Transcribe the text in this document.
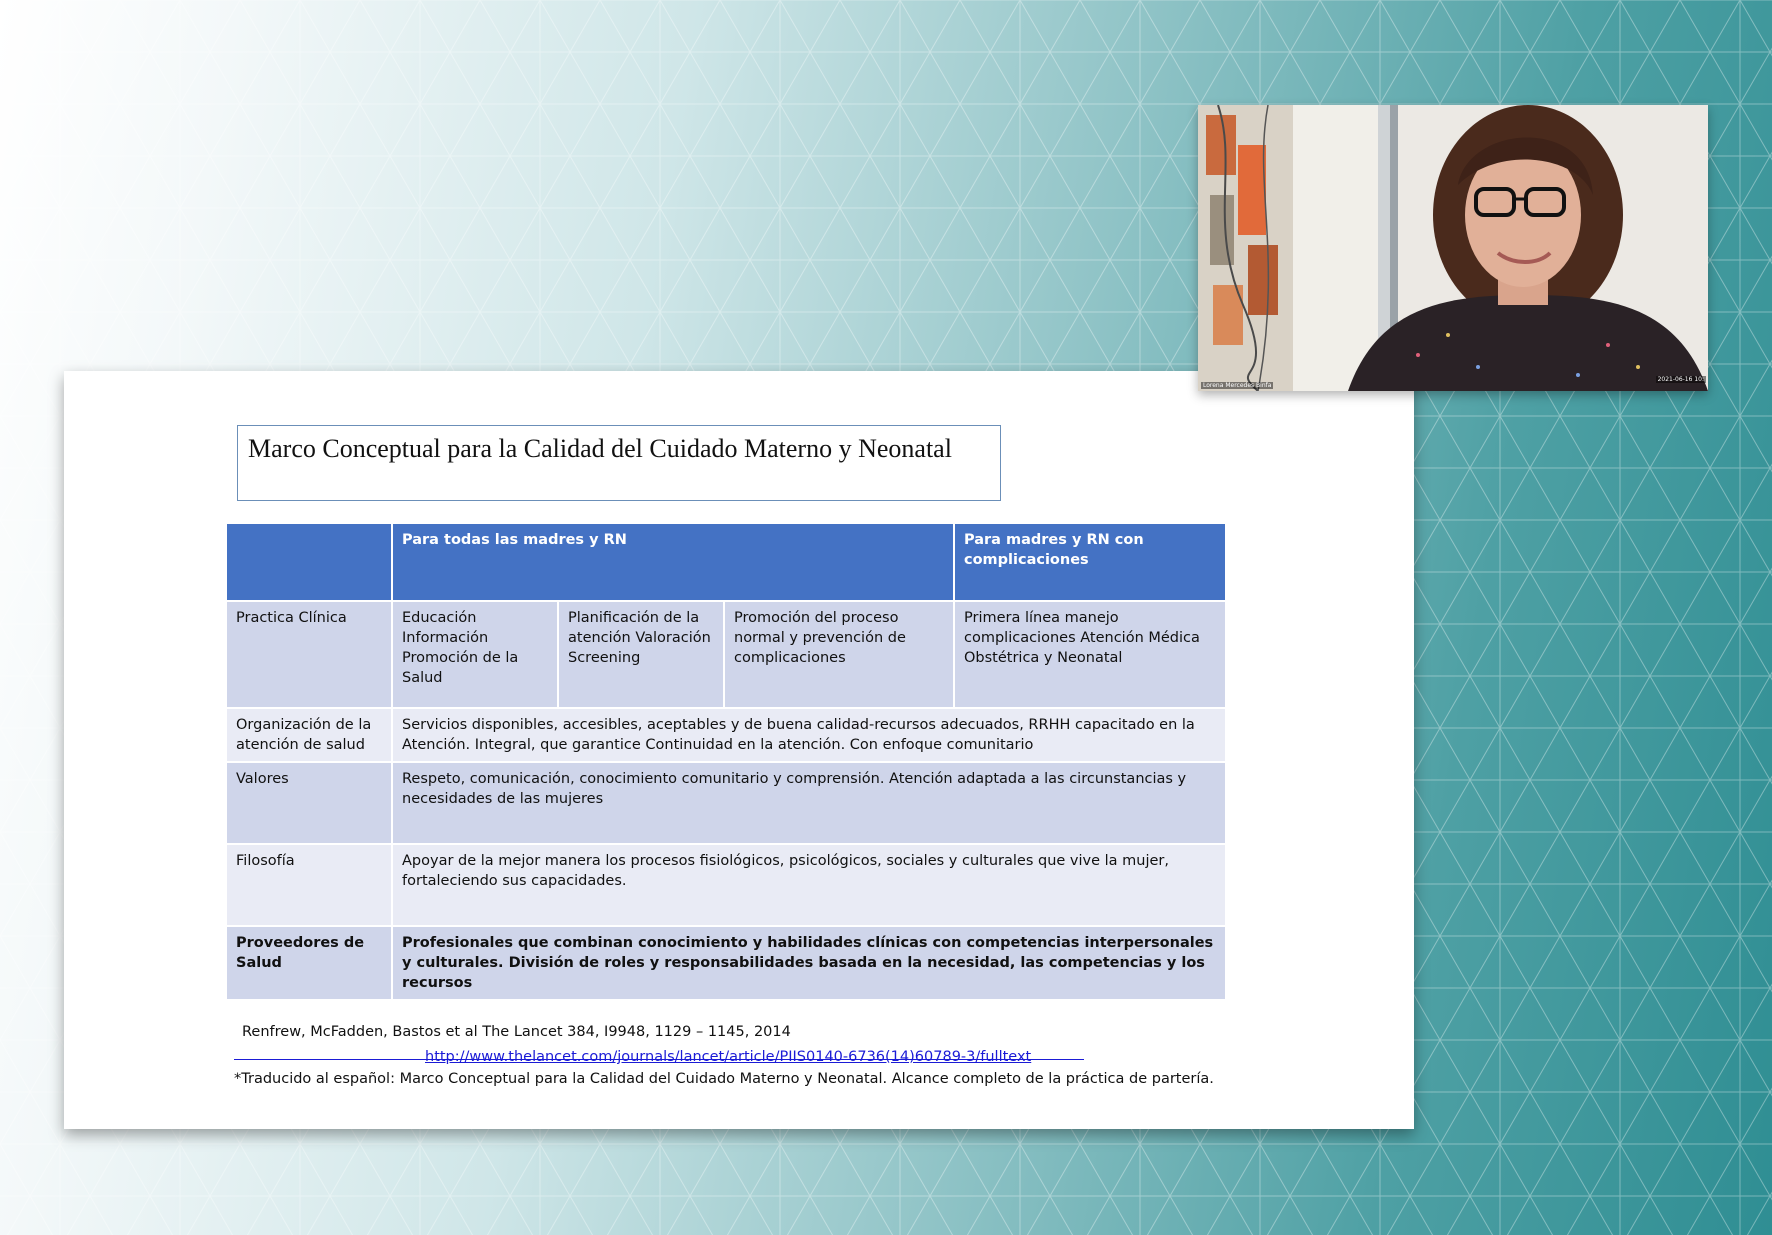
Marco Conceptual para la Calidad del Cuidado Materno y Neonatal
	Para todas las madres y RN			Para madres y RN con complicaciones
Practica Clínica	Educación Información Promoción de la Salud	Planificación de la atención Valoración Screening	Promoción del proceso normal y prevención de complicaciones	Primera línea manejo complicaciones Atención Médica Obstétrica y Neonatal
Organización de la atención de salud	Servicios disponibles, accesibles, aceptables y de buena calidad-recursos adecuados, RRHH capacitado en la Atención. Integral, que garantice Continuidad en la atención. Con enfoque comunitario			
Valores	Respeto, comunicación, conocimiento comunitario y comprensión. Atención adaptada a las circunstancias y necesidades de las mujeres			
Filosofía	Apoyar de la mejor manera los procesos fisiológicos, psicológicos, sociales y culturales que vive la mujer, fortaleciendo sus capacidades.			
Proveedores de Salud	Profesionales que combinan conocimiento y habilidades clínicas con competencias interpersonales y culturales. División de roles y responsabilidades basada en la necesidad, las competencias y los recursos			
Renfrew, McFadden, Bastos et al The Lancet 384, I9948, 1129 – 1145, 2014
http://www.thelancet.com/journals/lancet/article/PIIS0140-6736(14)60789-3/fulltext
*Traducido al español: Marco Conceptual para la Calidad del Cuidado Materno y Neonatal. Alcance completo de la práctica de partería.
Lorena Mercedes Binfa
2021-06-16 10:
